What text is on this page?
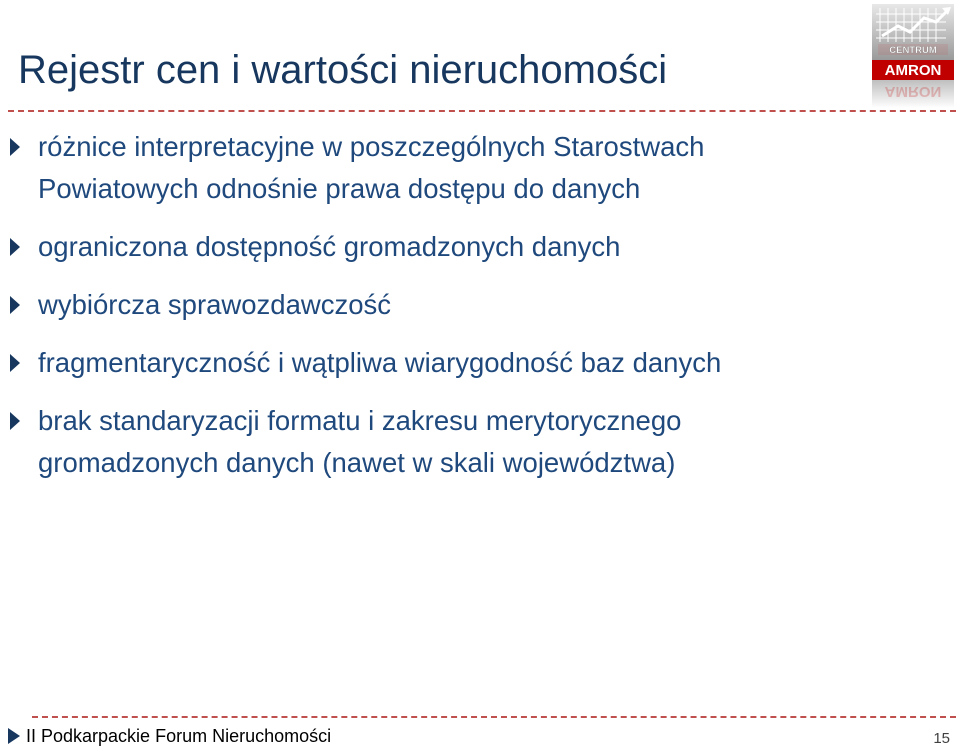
Rejestr cen i wartości nieruchomości	CENTRUM
AMRON
AMRON
różnice interpretacyjne w poszczególnych Starostwach Powiatowych odnośnie prawa dostępu do danych
ograniczona dostępność gromadzonych danych
wybiórcza sprawozdawczość
fragmentaryczność i wątpliwa wiarygodność baz danych
brak standaryzacji formatu i zakresu merytorycznego gromadzonych danych (nawet w skali województwa)
II Podkarpackie Forum Nieruchomości	15
